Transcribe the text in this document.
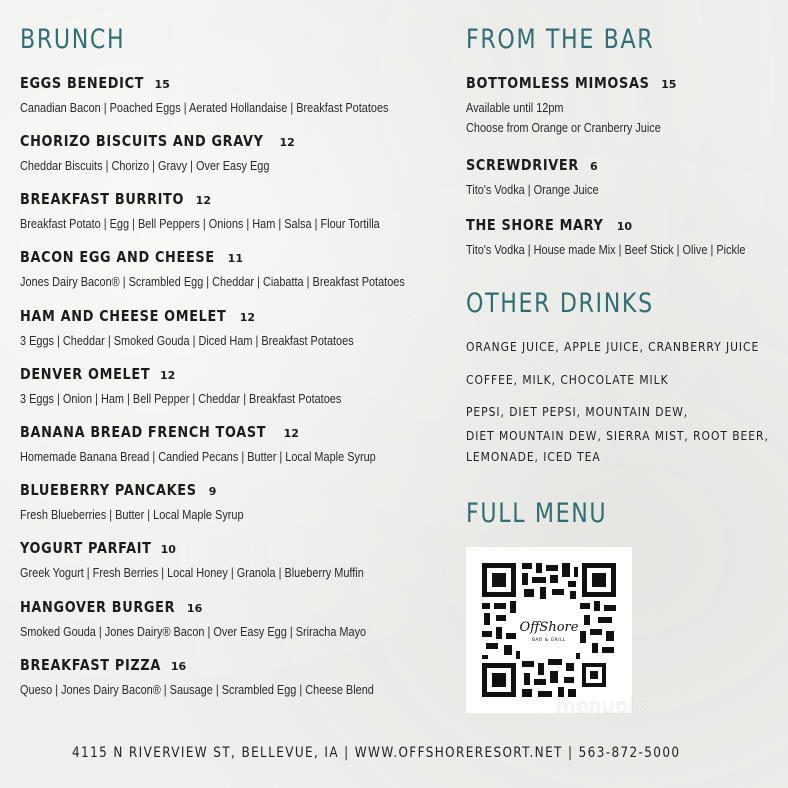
BRUNCH
EGGS BENEDICT 15
Canadian Bacon | Poached Eggs | Aerated Hollandaise | Breakfast Potatoes
CHORIZO BISCUITS AND GRAVY 12
Cheddar Biscuits | Chorizo | Gravy | Over Easy Egg
BREAKFAST BURRITO 12
Breakfast Potato | Egg | Bell Peppers | Onions | Ham | Salsa | Flour Tortilla
BACON EGG AND CHEESE 11
Jones Dairy Bacon® | Scrambled Egg | Cheddar | Ciabatta | Breakfast Potatoes
HAM AND CHEESE OMELET 12
3 Eggs | Cheddar | Smoked Gouda | Diced Ham | Breakfast Potatoes
DENVER OMELET 12
3 Eggs | Onion | Ham | Bell Pepper | Cheddar | Breakfast Potatoes
BANANA BREAD FRENCH TOAST 12
Homemade Banana Bread | Candied Pecans | Butter | Local Maple Syrup
BLUEBERRY PANCAKES 9
Fresh Blueberries | Butter | Local Maple Syrup
YOGURT PARFAIT 10
Greek Yogurt | Fresh Berries | Local Honey | Granola | Blueberry Muffin
HANGOVER BURGER 16
Smoked Gouda | Jones Dairy® Bacon | Over Easy Egg | Sriracha Mayo
BREAKFAST PIZZA 16
Queso | Jones Dairy Bacon® | Sausage | Scrambled Egg | Cheese Blend
FROM THE BAR
BOTTOMLESS MIMOSAS 15
Available until 12pm
Choose from Orange or Cranberry Juice
SCREWDRIVER 6
Tito's Vodka | Orange Juice
THE SHORE MARY 10
Tito's Vodka | House made Mix | Beef Stick | Olive | Pickle
OTHER DRINKS
ORANGE JUICE, APPLE JUICE, CRANBERRY JUICE
COFFEE, MILK, CHOCOLATE MILK
PEPSI, DIET PEPSI, MOUNTAIN DEW,
DIET MOUNTAIN DEW, SIERRA MIST, ROOT BEER,
LEMONADE, ICED TEA
FULL MENU
OffShore
BAR & GRILL
menupix
4115 N RIVERVIEW ST, BELLEVUE, IA | WWW.OFFSHORERESORT.NET | 563-872-5000
